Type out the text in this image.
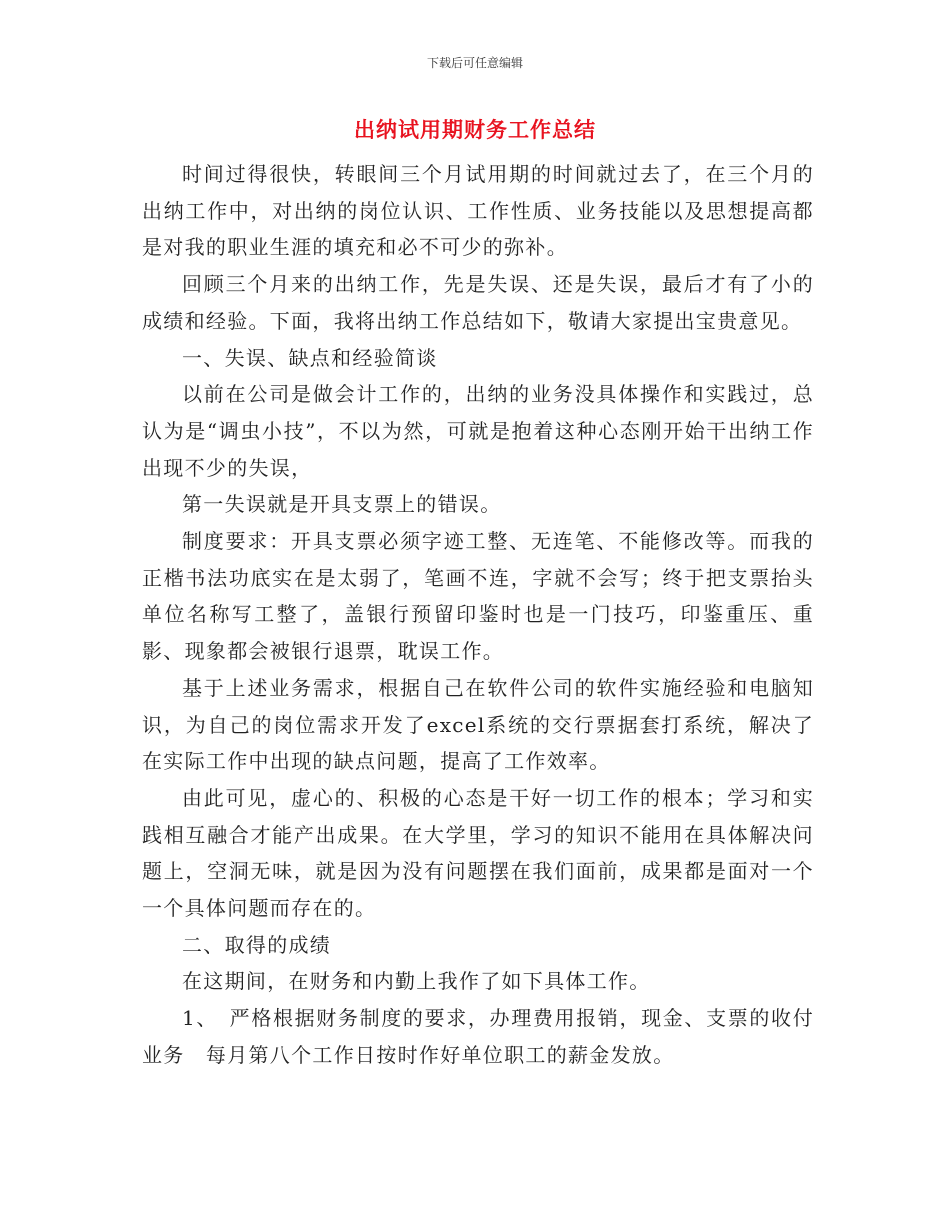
下载后可任意编辑
出纳试用期财务工作总结

时间过得很快，转眼间三个月试用期的时间就过去了，在三个月的出纳工作中，对出纳的岗位认识、工作性质、业务技能以及思想提高都是对我的职业生涯的填充和必不可少的弥补。

回顾三个月来的出纳工作，先是失误、还是失误，最后才有了小的成绩和经验。下面，我将出纳工作总结如下，敬请大家提出宝贵意见。

一、失误、缺点和经验简谈

以前在公司是做会计工作的，出纳的业务没具体操作和实践过，总认为是“调虫小技”，不以为然，可就是抱着这种心态刚开始干出纳工作出现不少的失误，

第一失误就是开具支票上的错误。

制度要求：开具支票必须字迹工整、无连笔、不能修改等。而我的正楷书法功底实在是太弱了，笔画不连，字就不会写；终于把支票抬头单位名称写工整了，盖银行预留印鉴时也是一门技巧，印鉴重压、重影、现象都会被银行退票，耽误工作。

基于上述业务需求，根据自己在软件公司的软件实施经验和电脑知识，为自己的岗位需求开发了excel系统的交行票据套打系统，解决了在实际工作中出现的缺点问题，提高了工作效率。

由此可见，虚心的、积极的心态是干好一切工作的根本；学习和实践相互融合才能产出成果。在大学里，学习的知识不能用在具体解决问题上，空洞无味，就是因为没有问题摆在我们面前，成果都是面对一个一个具体问题而存在的。

二、取得的成绩

在这期间，在财务和内勤上我作了如下具体工作。

1、　严格根据财务制度的要求，办理费用报销，现金、支票的收付业务　每月第八个工作日按时作好单位职工的薪金发放。
